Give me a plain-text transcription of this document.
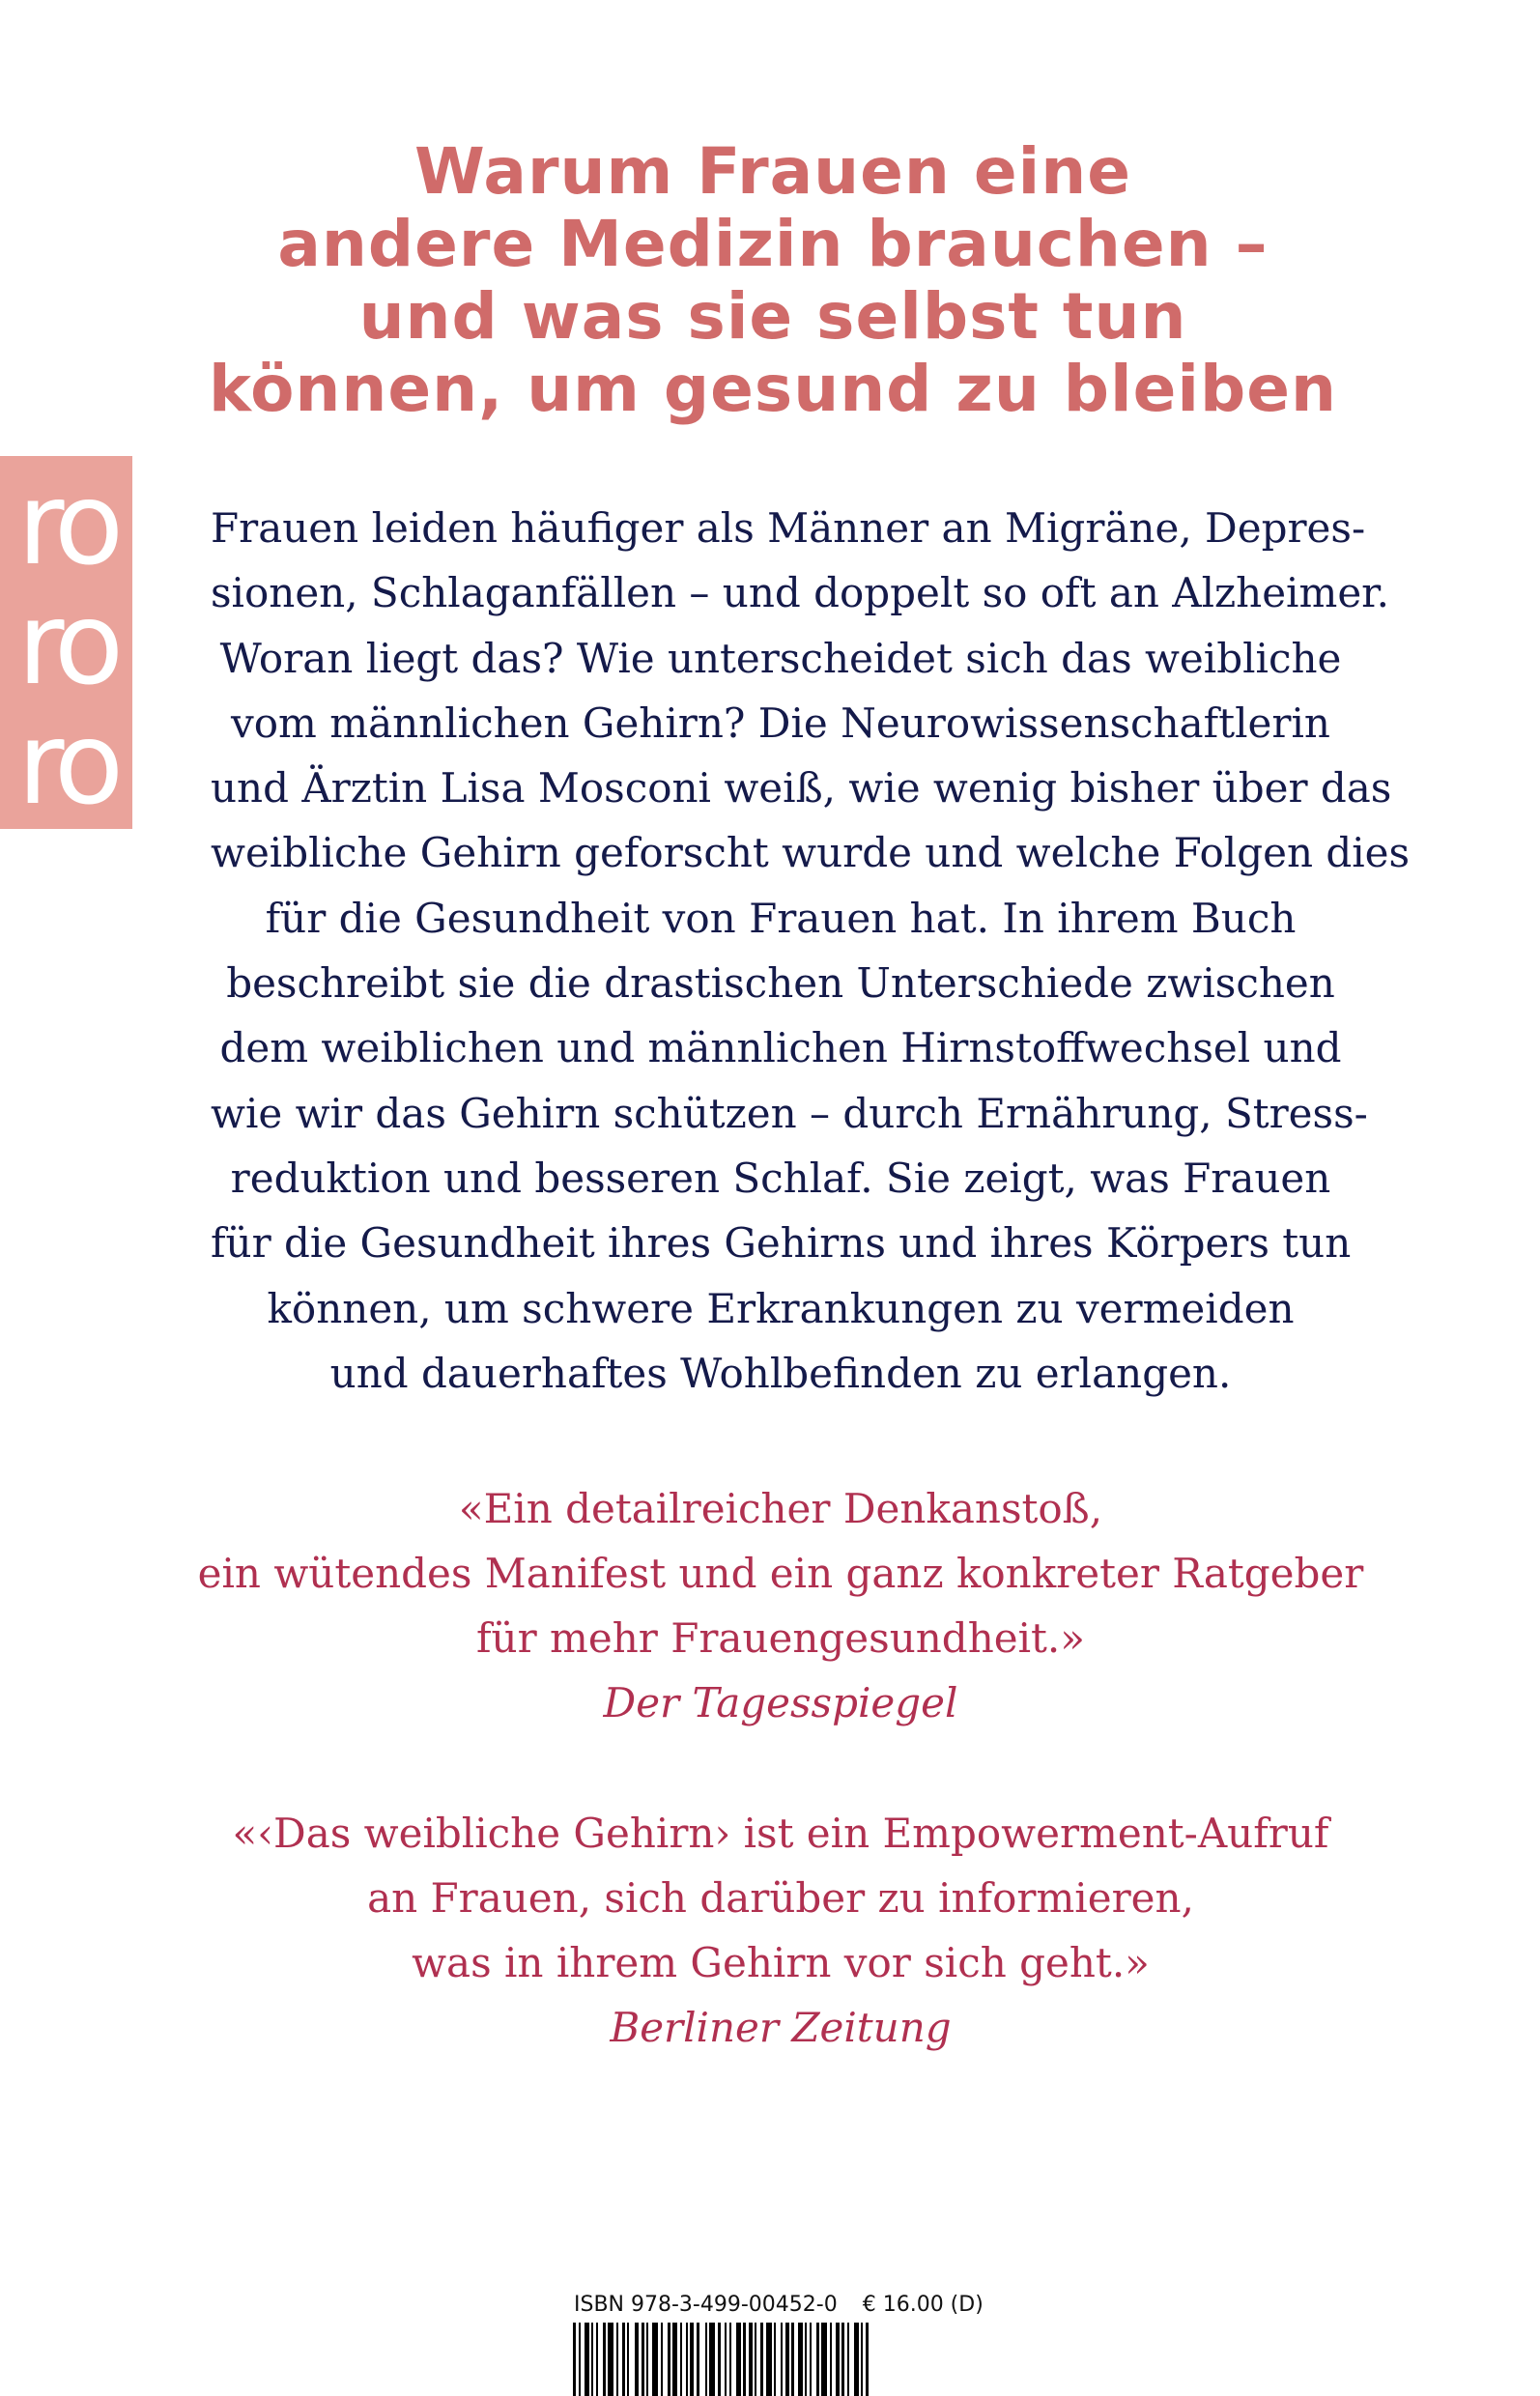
Warum Frauen eine
andere Medizin brauchen –
und was sie selbst tun
können, um gesund zu bleiben
ro
ro
ro
Frauen leiden häufiger als Männer an Migräne, Depres-
sionen, Schlaganfällen – und doppelt so oft an Alzheimer.
Woran liegt das? Wie unterscheidet sich das weibliche
vom männlichen Gehirn? Die Neurowissenschaftlerin
und Ärztin Lisa Mosconi weiß, wie wenig bisher über das
weibliche Gehirn geforscht wurde und welche Folgen dies
für die Gesundheit von Frauen hat. In ihrem Buch
beschreibt sie die drastischen Unterschiede zwischen
dem weiblichen und männlichen Hirnstoffwechsel und
wie wir das Gehirn schützen – durch Ernährung, Stress-
reduktion und besseren Schlaf. Sie zeigt, was Frauen
für die Gesundheit ihres Gehirns und ihres Körpers tun
können, um schwere Erkrankungen zu vermeiden
und dauerhaftes Wohlbefinden zu erlangen.
«Ein detailreicher Denkanstoß,
ein wütendes Manifest und ein ganz konkreter Ratgeber
für mehr Frauengesundheit.»
Der Tagesspiegel
«‹Das weibliche Gehirn› ist ein Empowerment-Aufruf
an Frauen, sich darüber zu informieren,
was in ihrem Gehirn vor sich geht.»
Berliner Zeitung
ISBN 978-3-499-00452-0 € 16.00 (D)
